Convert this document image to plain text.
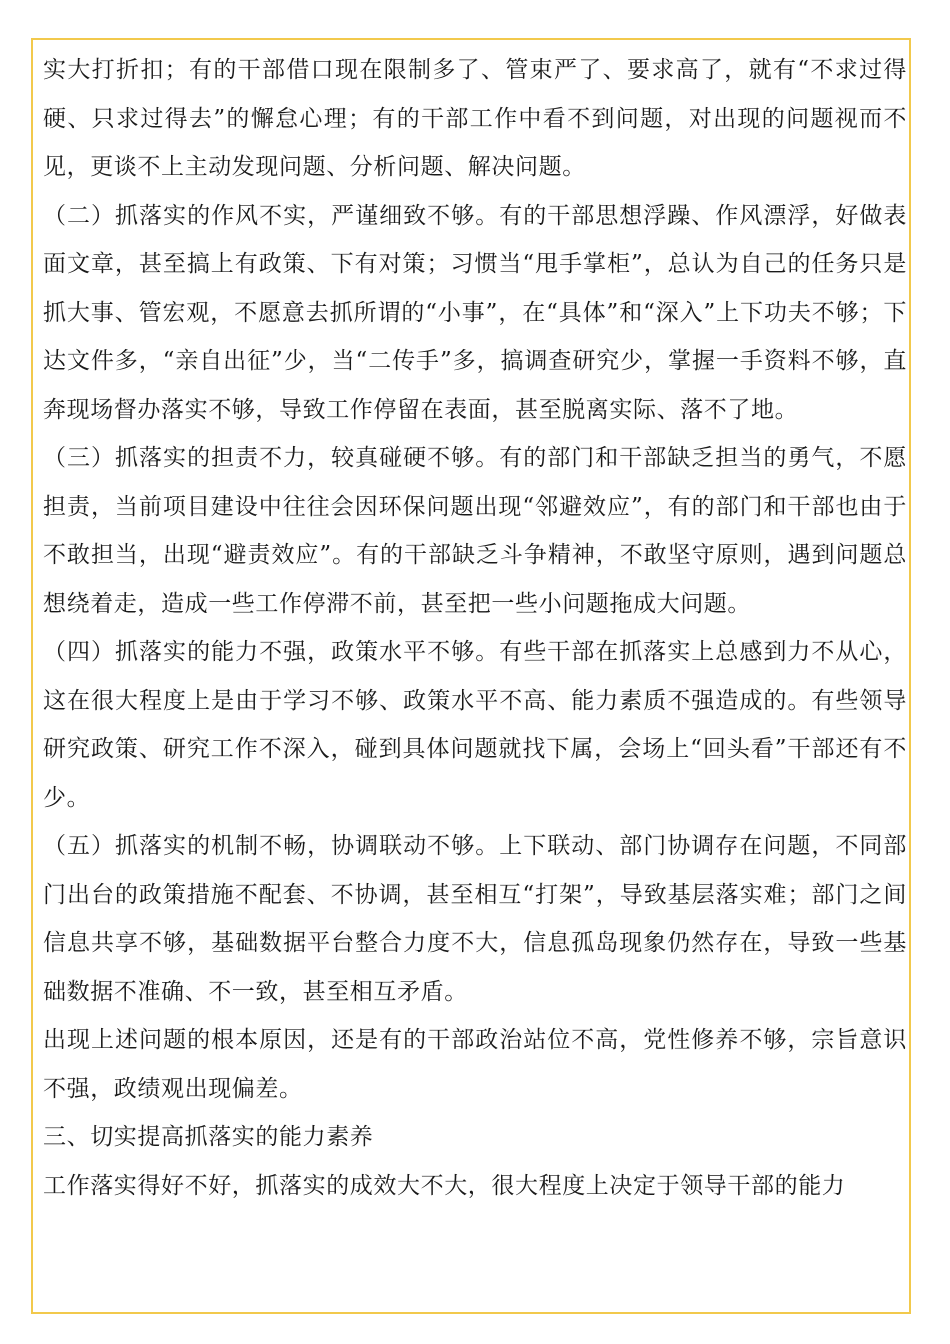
实大打折扣；有的干部借口现在限制多了、管束严了、要求高了，就有“不求过得硬、只求过得去”的懈怠心理；有的干部工作中看不到问题，对出现的问题视而不见，更谈不上主动发现问题、分析问题、解决问题。

（二）抓落实的作风不实，严谨细致不够。有的干部思想浮躁、作风漂浮，好做表面文章，甚至搞上有政策、下有对策；习惯当“甩手掌柜”，总认为自己的任务只是抓大事、管宏观，不愿意去抓所谓的“小事”，在“具体”和“深入”上下功夫不够；下达文件多，“亲自出征”少，当“二传手”多，搞调查研究少，掌握一手资料不够，直奔现场督办落实不够，导致工作停留在表面，甚至脱离实际、落不了地。

（三）抓落实的担责不力，较真碰硬不够。有的部门和干部缺乏担当的勇气，不愿担责，当前项目建设中往往会因环保问题出现“邻避效应”，有的部门和干部也由于不敢担当，出现“避责效应”。有的干部缺乏斗争精神，不敢坚守原则，遇到问题总想绕着走，造成一些工作停滞不前，甚至把一些小问题拖成大问题。

（四）抓落实的能力不强，政策水平不够。有些干部在抓落实上总感到力不从心，这在很大程度上是由于学习不够、政策水平不高、能力素质不强造成的。有些领导研究政策、研究工作不深入，碰到具体问题就找下属，会场上“回头看”干部还有不少。

（五）抓落实的机制不畅，协调联动不够。上下联动、部门协调存在问题，不同部门出台的政策措施不配套、不协调，甚至相互“打架”，导致基层落实难；部门之间信息共享不够，基础数据平台整合力度不大，信息孤岛现象仍然存在，导致一些基础数据不准确、不一致，甚至相互矛盾。

出现上述问题的根本原因，还是有的干部政治站位不高，党性修养不够，宗旨意识不强，政绩观出现偏差。

三、切实提高抓落实的能力素养

工作落实得好不好，抓落实的成效大不大，很大程度上决定于领导干部的能力
